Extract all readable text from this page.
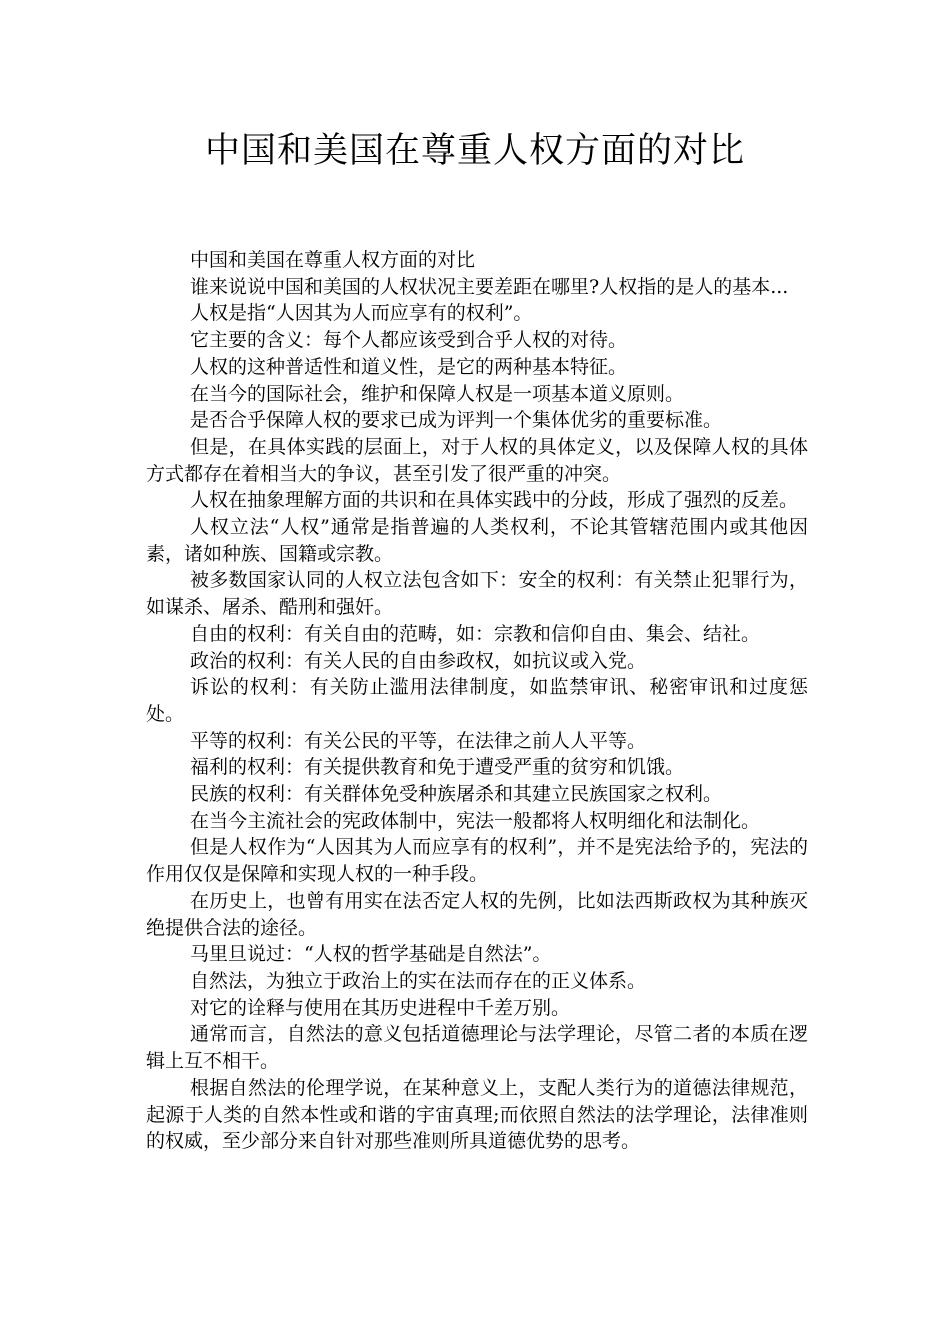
中国和美国在尊重人权方面的对比

中国和美国在尊重人权方面的对比

谁来说说中国和美国的人权状况主要差距在哪里?人权指的是人的基本...

人权是指“人因其为人而应享有的权利”。

它主要的含义：每个人都应该受到合乎人权的对待。

人权的这种普适性和道义性，是它的两种基本特征。

在当今的国际社会，维护和保障人权是一项基本道义原则。

是否合乎保障人权的要求已成为评判一个集体优劣的重要标准。

但是，在具体实践的层面上，对于人权的具体定义，以及保障人权的具体方式都存在着相当大的争议，甚至引发了很严重的冲突。

人权在抽象理解方面的共识和在具体实践中的分歧，形成了强烈的反差。

人权立法“人权”通常是指普遍的人类权利，不论其管辖范围内或其他因素，诸如种族、国籍或宗教。

被多数国家认同的人权立法包含如下：安全的权利：有关禁止犯罪行为，如谋杀、屠杀、酷刑和强奸。

自由的权利：有关自由的范畴，如：宗教和信仰自由、集会、结社。

政治的权利：有关人民的自由参政权，如抗议或入党。

诉讼的权利：有关防止滥用法律制度，如监禁审讯、秘密审讯和过度惩处。

平等的权利：有关公民的平等，在法律之前人人平等。

福利的权利：有关提供教育和免于遭受严重的贫穷和饥饿。

民族的权利：有关群体免受种族屠杀和其建立民族国家之权利。

在当今主流社会的宪政体制中，宪法一般都将人权明细化和法制化。

但是人权作为“人因其为人而应享有的权利”，并不是宪法给予的，宪法的作用仅仅是保障和实现人权的一种手段。

在历史上，也曾有用实在法否定人权的先例，比如法西斯政权为其种族灭绝提供合法的途径。

马里旦说过：“人权的哲学基础是自然法”。

自然法，为独立于政治上的实在法而存在的正义体系。

对它的诠释与使用在其历史进程中千差万别。

通常而言，自然法的意义包括道德理论与法学理论，尽管二者的本质在逻辑上互不相干。

根据自然法的伦理学说，在某种意义上，支配人类行为的道德法律规范，起源于人类的自然本性或和谐的宇宙真理;而依照自然法的法学理论，法律准则的权威，至少部分来自针对那些准则所具道德优势的思考。
